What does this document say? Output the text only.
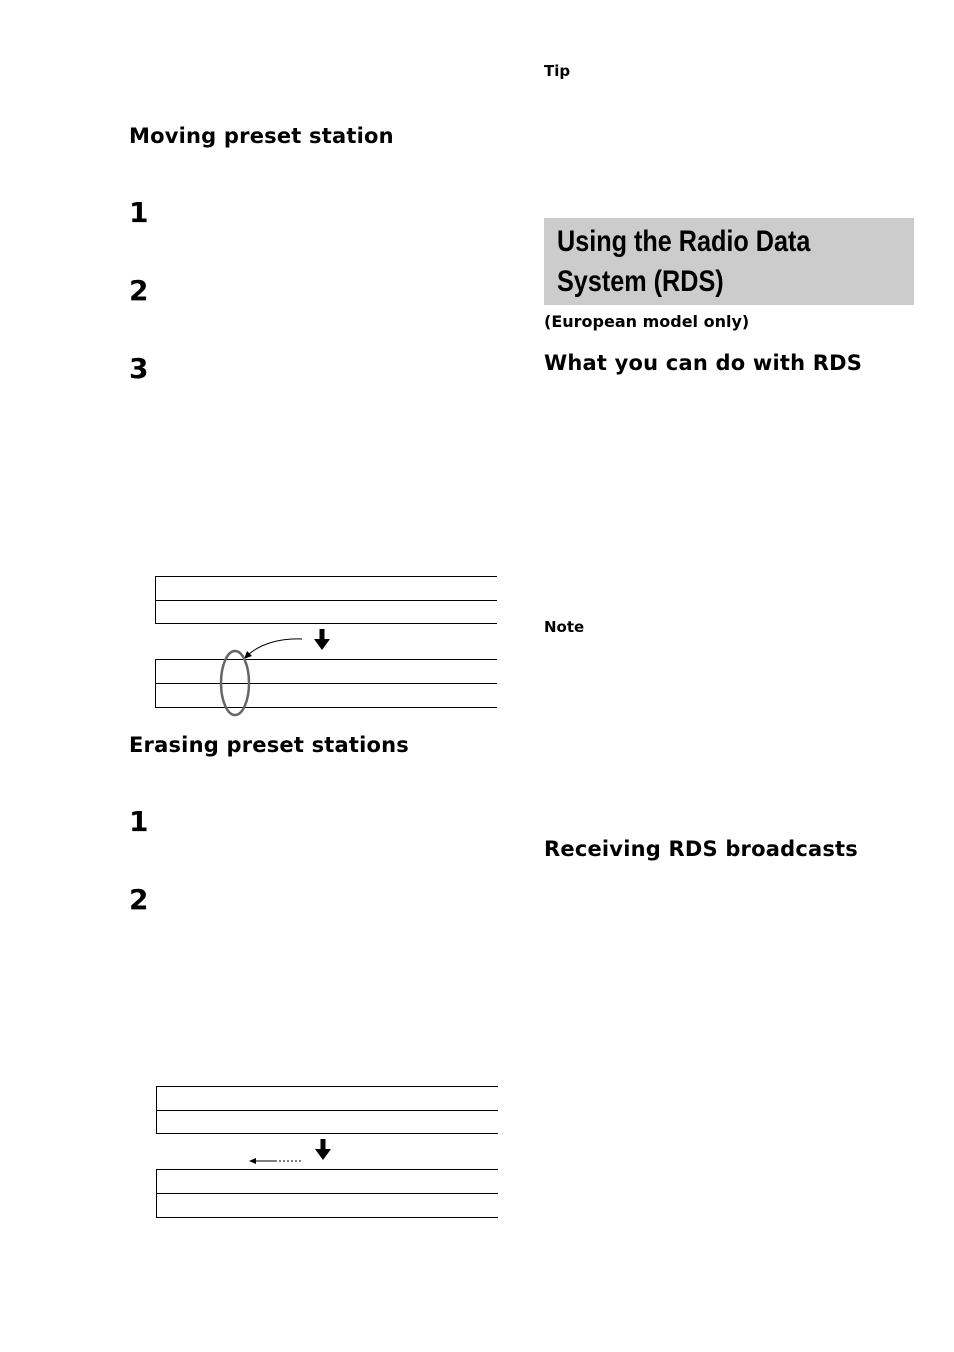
Moving preset station
1
2
3
Erasing preset stations
1
2
Tip
Using the Radio Data
System (RDS)
(European model only)
What you can do with RDS
Note
Receiving RDS broadcasts
